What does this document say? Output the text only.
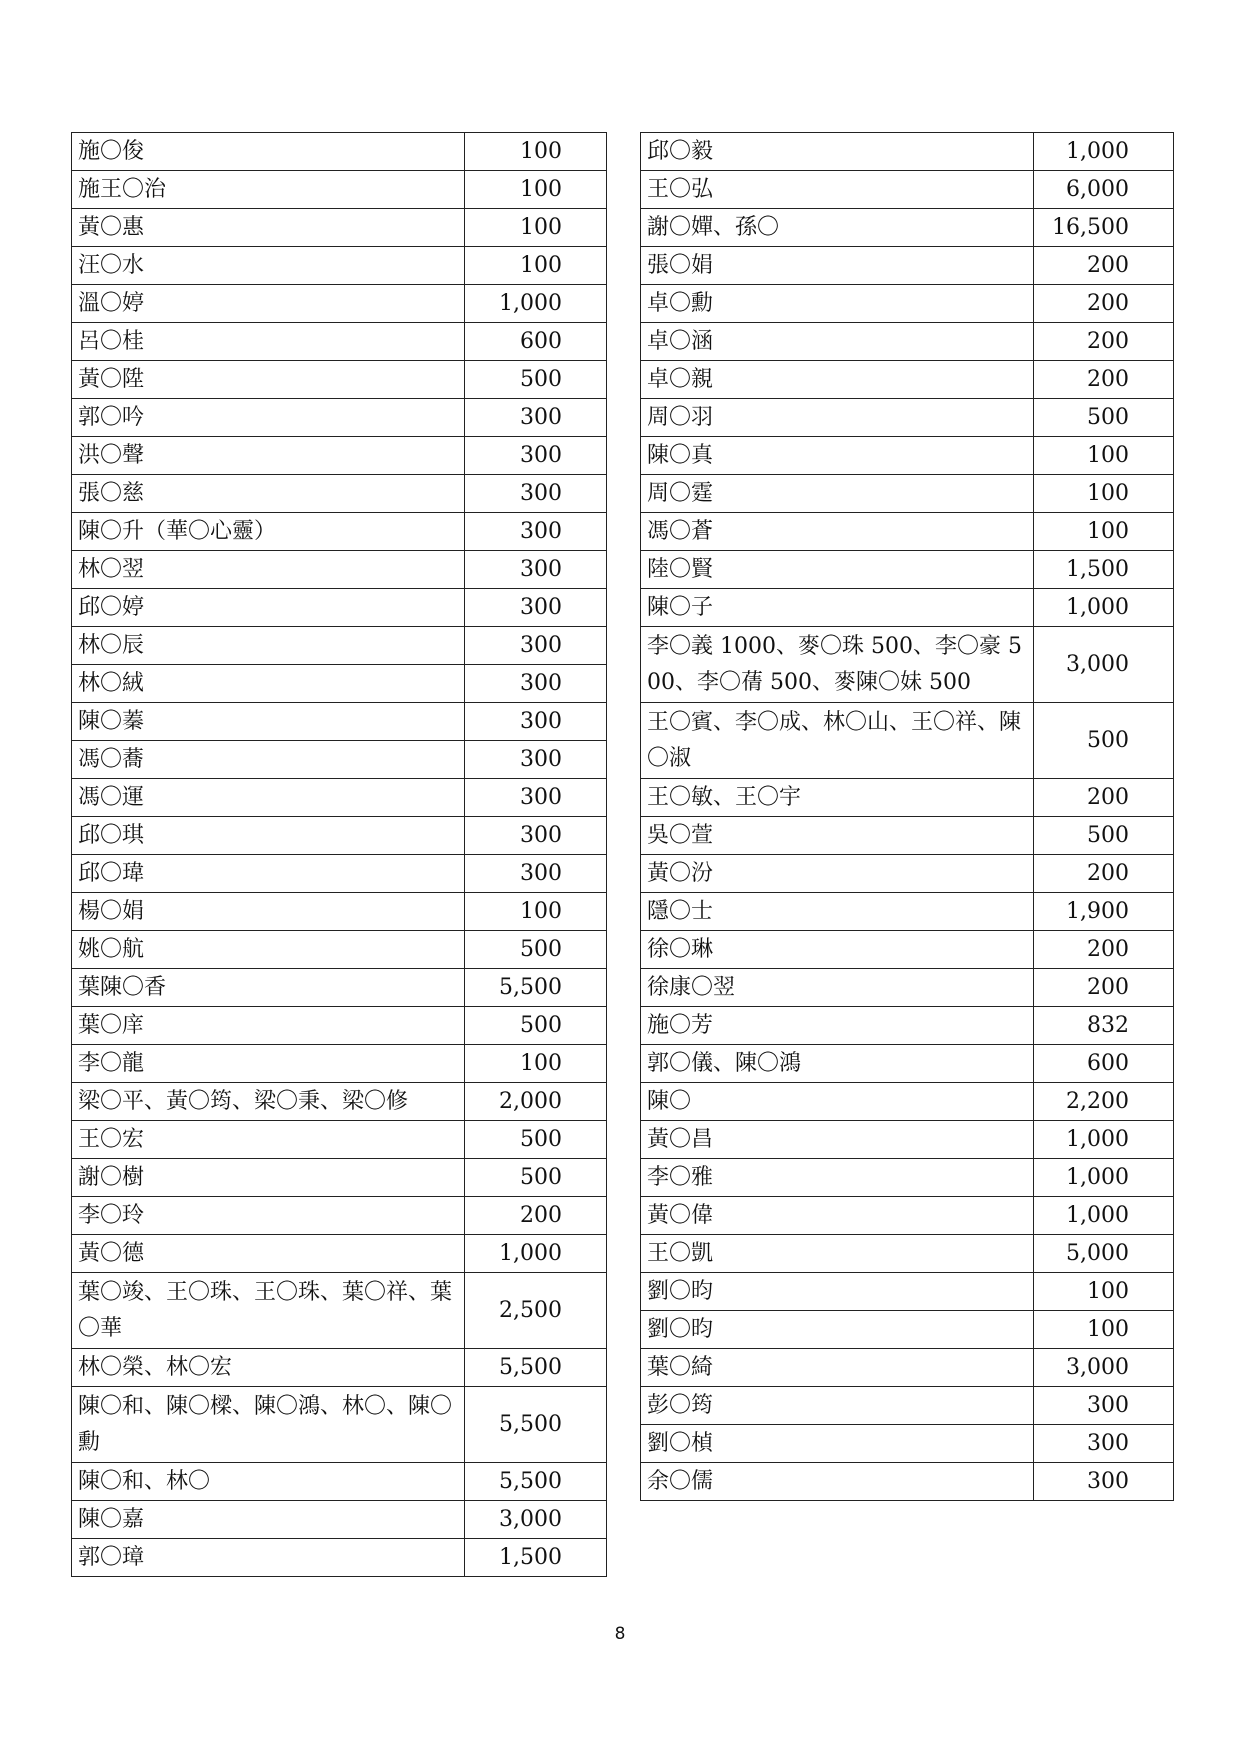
施〇俊	100
施王〇治	100
黃〇惠	100
汪〇水	100
溫〇婷	1,000
呂〇桂	600
黃〇陞	500
郭〇吟	300
洪〇聲	300
張〇慈	300
陳〇升（華〇心靈）	300
林〇翌	300
邱〇婷	300
林〇辰	300
林〇絨	300
陳〇蓁	300
馮〇蕎	300
馮〇運	300
邱〇琪	300
邱〇瑋	300
楊〇娟	100
姚〇航	500
葉陳〇香	5,500
葉〇庠	500
李〇龍	100
梁〇平、黃〇筠、梁〇秉、梁〇修	2,000
王〇宏	500
謝〇樹	500
李〇玲	200
黃〇德	1,000
葉〇竣、王〇珠、王〇珠、葉〇祥、葉〇華	2,500
林〇榮、林〇宏	5,500
陳〇和、陳〇樑、陳〇鴻、林〇、陳〇勳	5,500
陳〇和、林〇	5,500
陳〇嘉	3,000
郭〇璋	1,500
邱〇毅	1,000
王〇弘	6,000
謝〇嬋、孫〇	16,500
張〇娟	200
卓〇勳	200
卓〇涵	200
卓〇親	200
周〇羽	500
陳〇真	100
周〇霆	100
馮〇蒼	100
陸〇賢	1,500
陳〇子	1,000
李〇義 1000、麥〇珠 500、李〇豪 500、李〇蒨 500、麥陳〇妹 500	3,000
王〇賓、李〇成、林〇山、王〇祥、陳〇淑	500
王〇敏、王〇宇	200
吳〇萱	500
黃〇汾	200
隱〇士	1,900
徐〇琳	200
徐康〇翌	200
施〇芳	832
郭〇儀、陳〇鴻	600
陳〇	2,200
黃〇昌	1,000
李〇雅	1,000
黃〇偉	1,000
王〇凱	5,000
劉〇昀	100
劉〇昀	100
葉〇綺	3,000
彭〇筠	300
劉〇楨	300
余〇儒	300
8
